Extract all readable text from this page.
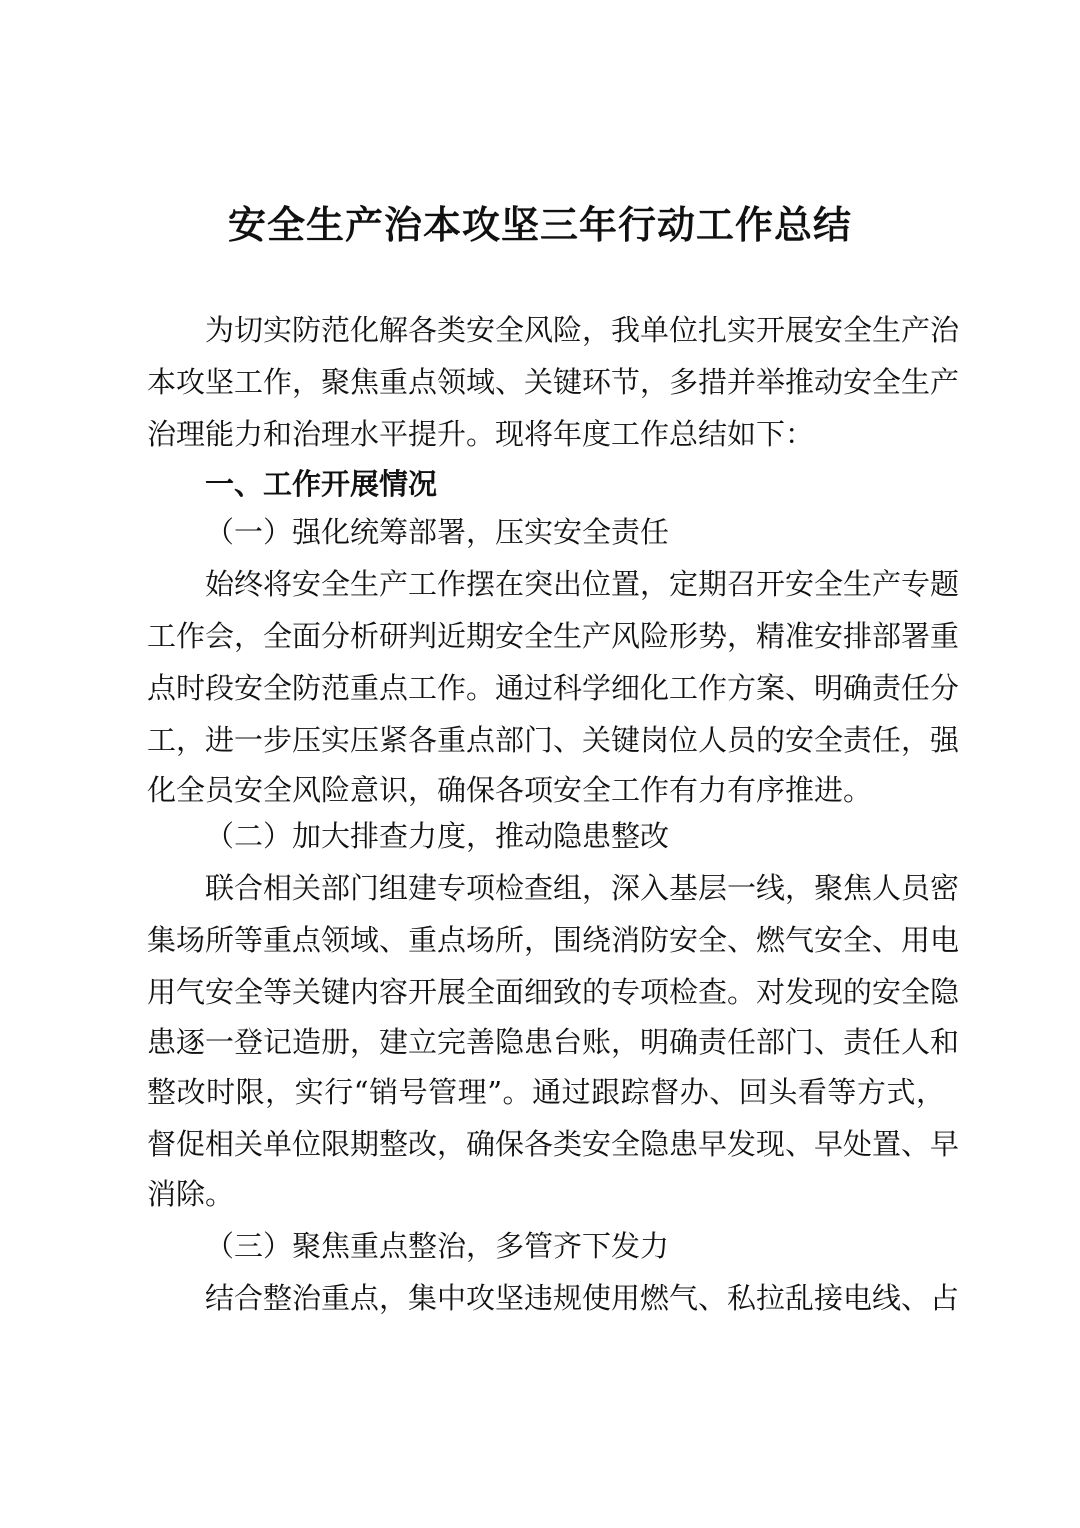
安全生产治本攻坚三年行动工作总结
为切实防范化解各类安全风险，我单位扎实开展安全生产治
本攻坚工作，聚焦重点领域、关键环节，多措并举推动安全生产
治理能力和治理水平提升。现将年度工作总结如下：
一、工作开展情况
（一）强化统筹部署，压实安全责任
始终将安全生产工作摆在突出位置，定期召开安全生产专题
工作会，全面分析研判近期安全生产风险形势，精准安排部署重
点时段安全防范重点工作。通过科学细化工作方案、明确责任分
工，进一步压实压紧各重点部门、关键岗位人员的安全责任，强
化全员安全风险意识，确保各项安全工作有力有序推进。
（二）加大排查力度，推动隐患整改
联合相关部门组建专项检查组，深入基层一线，聚焦人员密
集场所等重点领域、重点场所，围绕消防安全、燃气安全、用电
用气安全等关键内容开展全面细致的专项检查。对发现的安全隐
患逐一登记造册，建立完善隐患台账，明确责任部门、责任人和
整改时限，实行“销号管理”。通过跟踪督办、回头看等方式，
督促相关单位限期整改，确保各类安全隐患早发现、早处置、早
消除。
（三）聚焦重点整治，多管齐下发力
结合整治重点，集中攻坚违规使用燃气、私拉乱接电线、占
